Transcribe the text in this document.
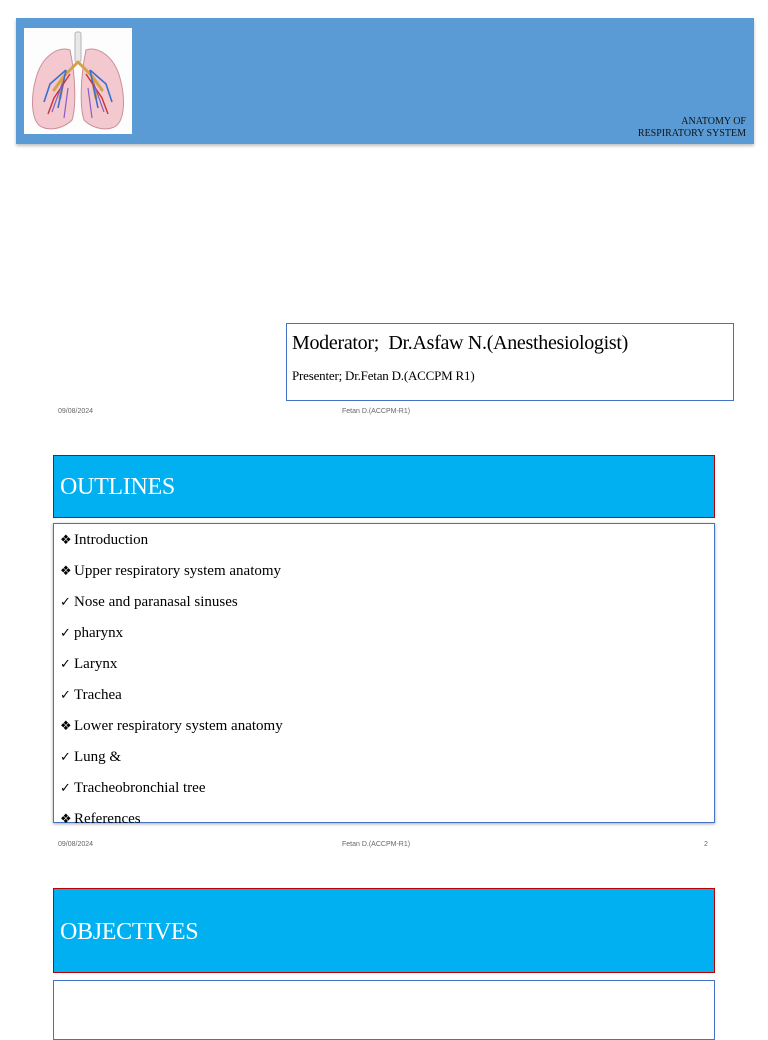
ANATOMY OF
RESPIRATORY SYSTEM
Moderator;  Dr.Asfaw N.(Anesthesiologist)
Presenter; Dr.Fetan D.(ACCPM R1)
09/08/2024	Fetan D.(ACCPM-R1)
OUTLINES
❖ Introduction
❖ Upper respiratory system anatomy
✓ Nose and paranasal sinuses
✓ pharynx
✓ Larynx
✓ Trachea
❖ Lower respiratory system anatomy
✓ Lung &
✓ Tracheobronchial tree
❖ References
09/08/2024	Fetan D.(ACCPM-R1)	2
OBJECTIVES
